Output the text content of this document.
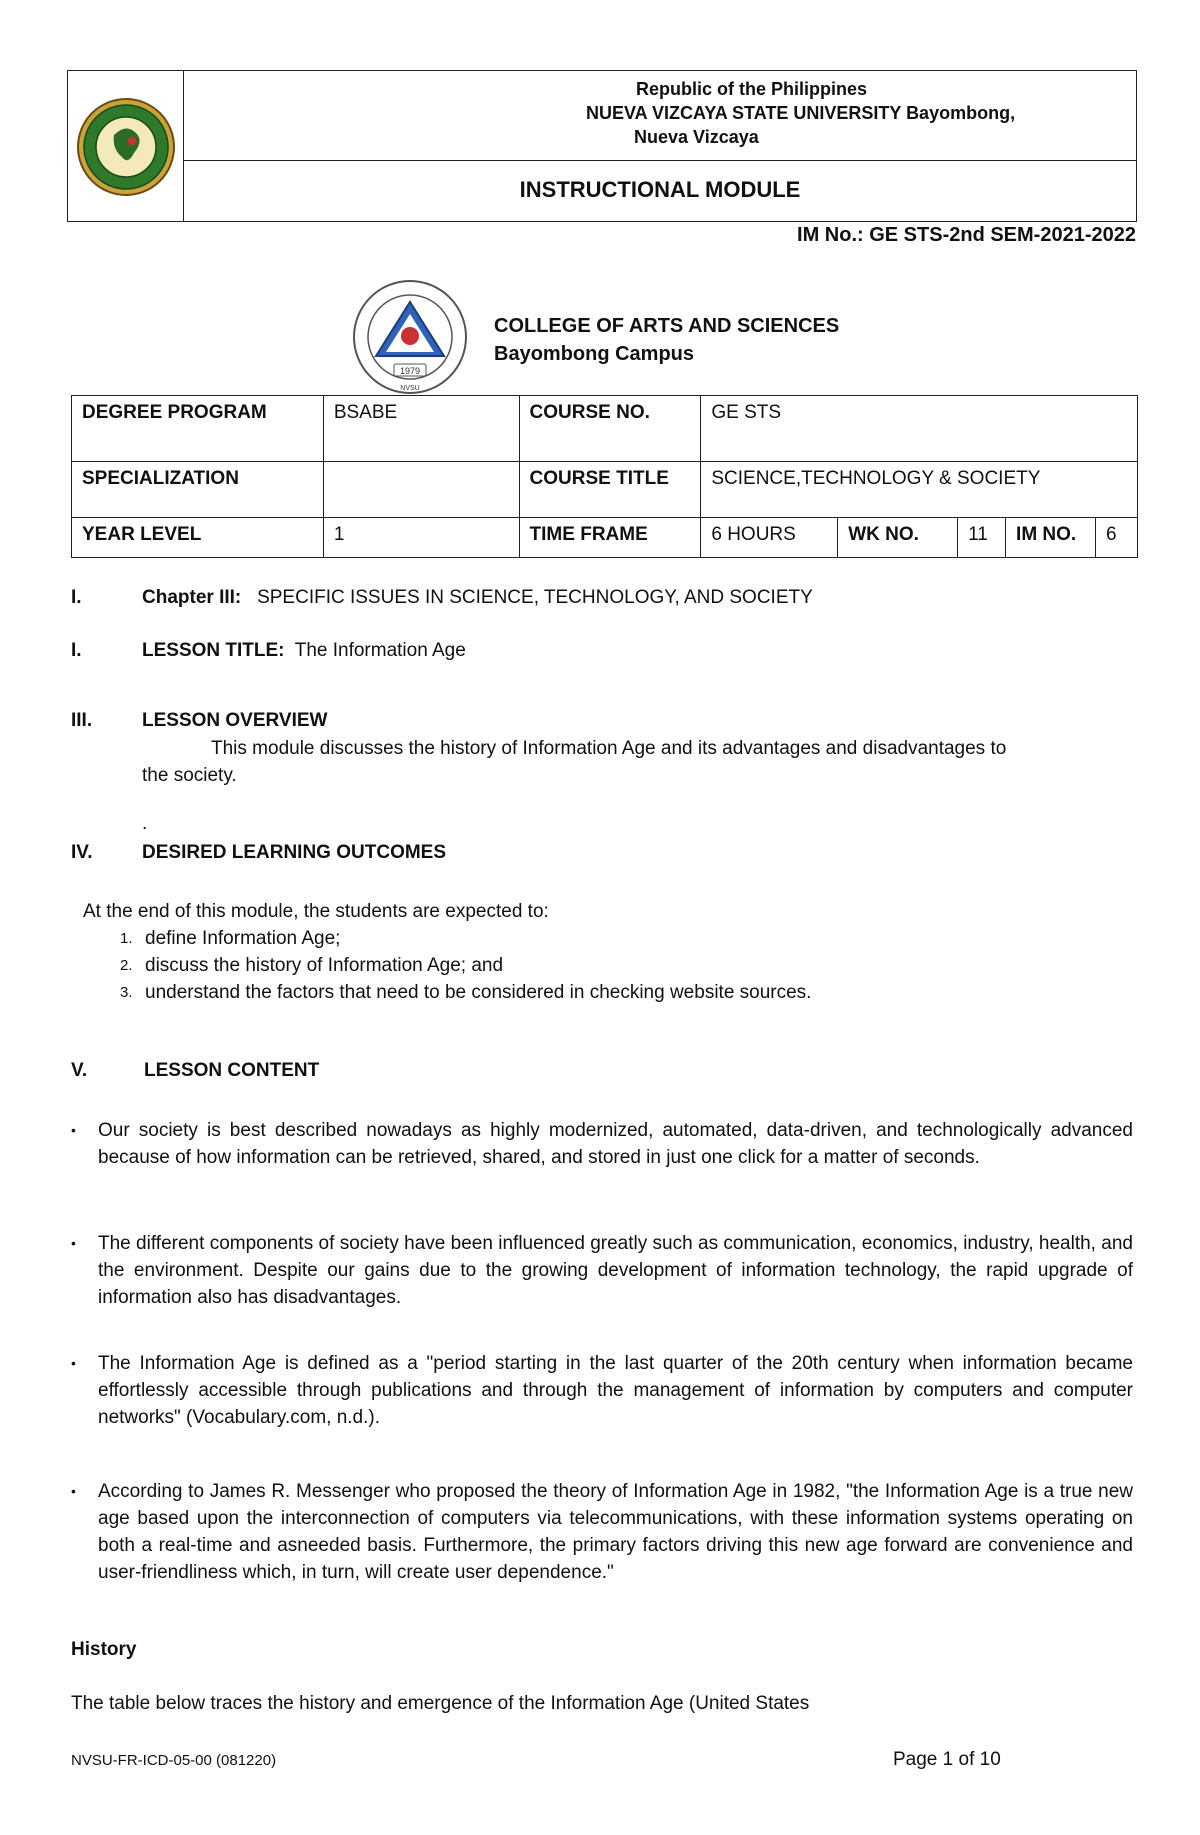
Republic of the Philippines
NUEVA VIZCAYA STATE UNIVERSITY Bayombong,
Nueva Vizcaya
INSTRUCTIONAL MODULE
IM No.: GE STS-2nd SEM-2021-2022
1979
NVSU
COLLEGE OF ARTS AND SCIENCES
Bayombong Campus
DEGREE PROGRAM	BSABE	COURSE NO.	GE STS				
SPECIALIZATION		COURSE TITLE	SCIENCE,TECHNOLOGY & SOCIETY				
YEAR LEVEL	1	TIME FRAME	6 HOURS	WK NO.	11	IM NO.	6
I.	Chapter III: SPECIFIC ISSUES IN SCIENCE, TECHNOLOGY, AND SOCIETY
I.	LESSON TITLE: The Information Age
III.	LESSON OVERVIEW
This module discusses the history of Information Age and its advantages and disadvantages to
the society.
.
IV.	DESIRED LEARNING OUTCOMES
At the end of this module, the students are expected to:
1. define Information Age;
2. discuss the history of Information Age; and
3. understand the factors that need to be considered in checking website sources.
V.	LESSON CONTENT
• Our society is best described nowadays as highly modernized, automated, data-driven, and technologically advanced because of how information can be retrieved, shared, and stored in just one click for a matter of seconds.
• The different components of society have been influenced greatly such as communication, economics, industry, health, and the environment. Despite our gains due to the growing development of information technology, the rapid upgrade of information also has disadvantages.
• The Information Age is defined as a "period starting in the last quarter of the 20th century when information became effortlessly accessible through publications and through the management of information by computers and computer networks" (Vocabulary.com, n.d.).
• According to James R. Messenger who proposed the theory of Information Age in 1982, "the Information Age is a true new age based upon the interconnection of computers via telecommunications, with these information systems operating on both a real-time and asneeded basis. Furthermore, the primary factors driving this new age forward are convenience and user-friendliness which, in turn, will create user dependence."
History
The table below traces the history and emergence of the Information Age (United States
NVSU-FR-ICD-05-00 (081220)	Page 1 of 10
